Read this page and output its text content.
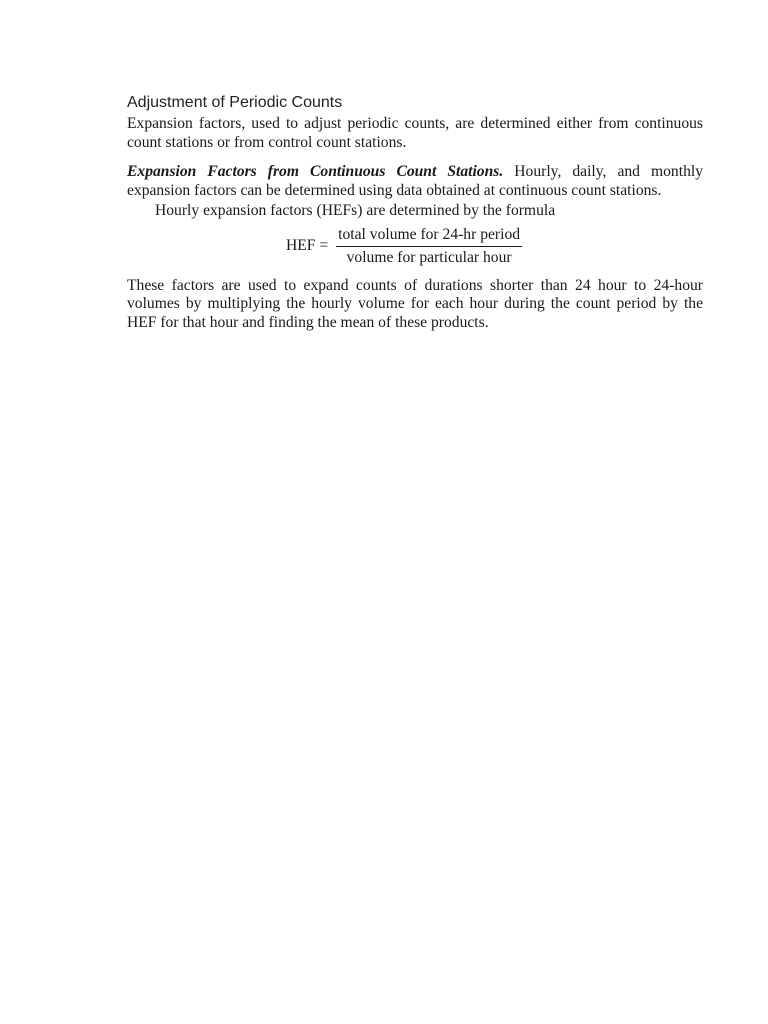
Adjustment of Periodic Counts

Expansion factors, used to adjust periodic counts, are determined either from continuous count stations or from control count stations.

Expansion Factors from Continuous Count Stations. Hourly, daily, and monthly expansion factors can be determined using data obtained at continuous count stations.

Hourly expansion factors (HEFs) are determined by the formula

HEF = $\frac{\text{total volume for 24-hr period}}{\text{volume for particular hour}}$

These factors are used to expand counts of durations shorter than 24 hour to 24-hour volumes by multiplying the hourly volume for each hour during the count period by the HEF for that hour and finding the mean of these products.
